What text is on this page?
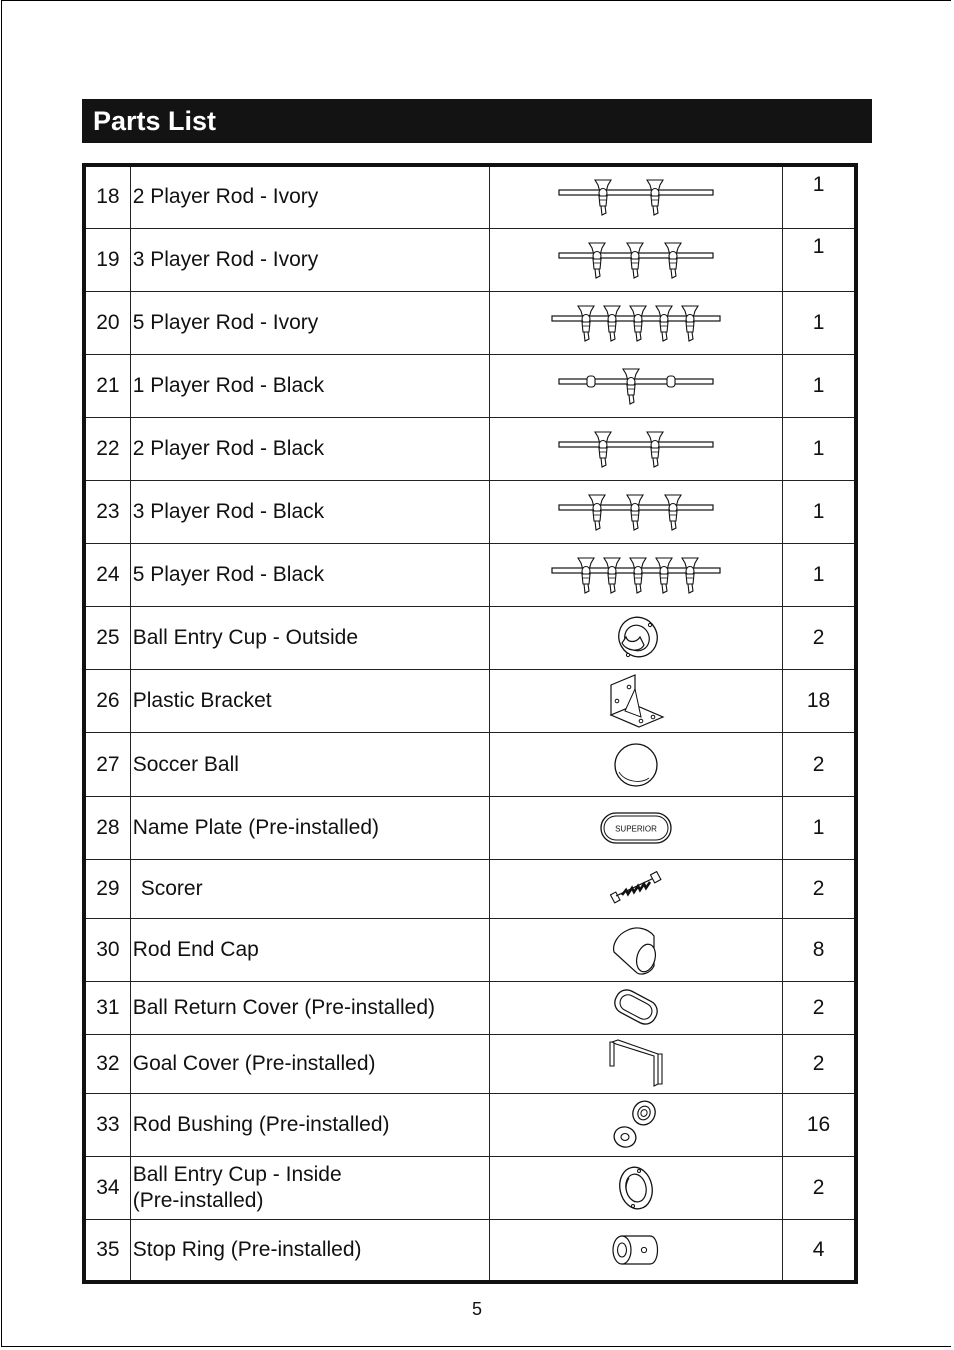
Parts List
18	2 Player Rod - Ivory		1
19	3 Player Rod - Ivory		1
20	5 Player Rod - Ivory		1
21	1 Player Rod - Black		1
22	2 Player Rod - Black		1
23	3 Player Rod - Black		1
24	5 Player Rod - Black		1
25	Ball Entry Cup - Outside		2
26	Plastic Bracket		18
27	Soccer Ball		2
28	Name Plate (Pre-installed)	SUPERIOR	1
29	Scorer		2
30	Rod End Cap		8
31	Ball Return Cover (Pre-installed)		2
32	Goal Cover (Pre-installed)		2
33	Rod Bushing (Pre-installed)		16
34	Ball Entry Cup - Inside
(Pre-installed)		2
35	Stop Ring (Pre-installed)		4
5
